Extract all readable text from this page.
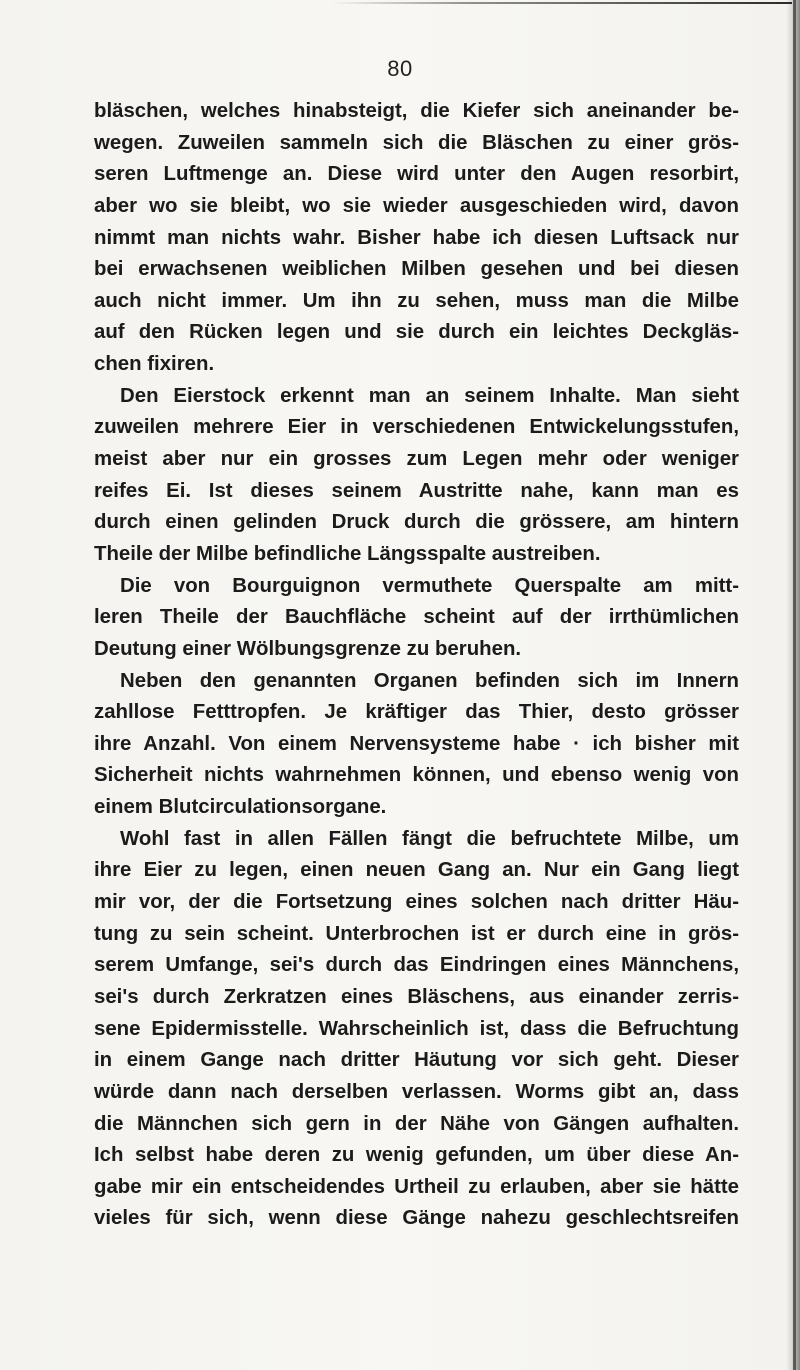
80
bläschen, welches hinabsteigt, die Kiefer sich aneinander be-
wegen. Zuweilen sammeln sich die Bläschen zu einer grös-
seren Luftmenge an. Diese wird unter den Augen resorbirt,
aber wo sie bleibt, wo sie wieder ausgeschieden wird, davon
nimmt man nichts wahr. Bisher habe ich diesen Luftsack nur
bei erwachsenen weiblichen Milben gesehen und bei diesen
auch nicht immer. Um ihn zu sehen, muss man die Milbe
auf den Rücken legen und sie durch ein leichtes Deckgläs-
chen fixiren.
Den Eierstock erkennt man an seinem Inhalte. Man sieht
zuweilen mehrere Eier in verschiedenen Entwickelungsstufen,
meist aber nur ein grosses zum Legen mehr oder weniger
reifes Ei. Ist dieses seinem Austritte nahe, kann man es
durch einen gelinden Druck durch die grössere, am hintern
Theile der Milbe befindliche Längsspalte austreiben.
Die von Bourguignon vermuthete Querspalte am mitt-
leren Theile der Bauchfläche scheint auf der irrthümlichen
Deutung einer Wölbungsgrenze zu beruhen.
Neben den genannten Organen befinden sich im Innern
zahllose Fetttropfen. Je kräftiger das Thier, desto grösser
ihre Anzahl. Von einem Nervensysteme habe · ich bisher mit
Sicherheit nichts wahrnehmen können, und ebenso wenig von
einem Blutcirculationsorgane.
Wohl fast in allen Fällen fängt die befruchtete Milbe, um
ihre Eier zu legen, einen neuen Gang an. Nur ein Gang liegt
mir vor, der die Fortsetzung eines solchen nach dritter Häu-
tung zu sein scheint. Unterbrochen ist er durch eine in grös-
serem Umfange, sei's durch das Eindringen eines Männchens,
sei's durch Zerkratzen eines Bläschens, aus einander zerris-
sene Epidermisstelle. Wahrscheinlich ist, dass die Befruchtung
in einem Gange nach dritter Häutung vor sich geht. Dieser
würde dann nach derselben verlassen. Worms gibt an, dass
die Männchen sich gern in der Nähe von Gängen aufhalten.
Ich selbst habe deren zu wenig gefunden, um über diese An-
gabe mir ein entscheidendes Urtheil zu erlauben, aber sie hätte
vieles für sich, wenn diese Gänge nahezu geschlechtsreifen
